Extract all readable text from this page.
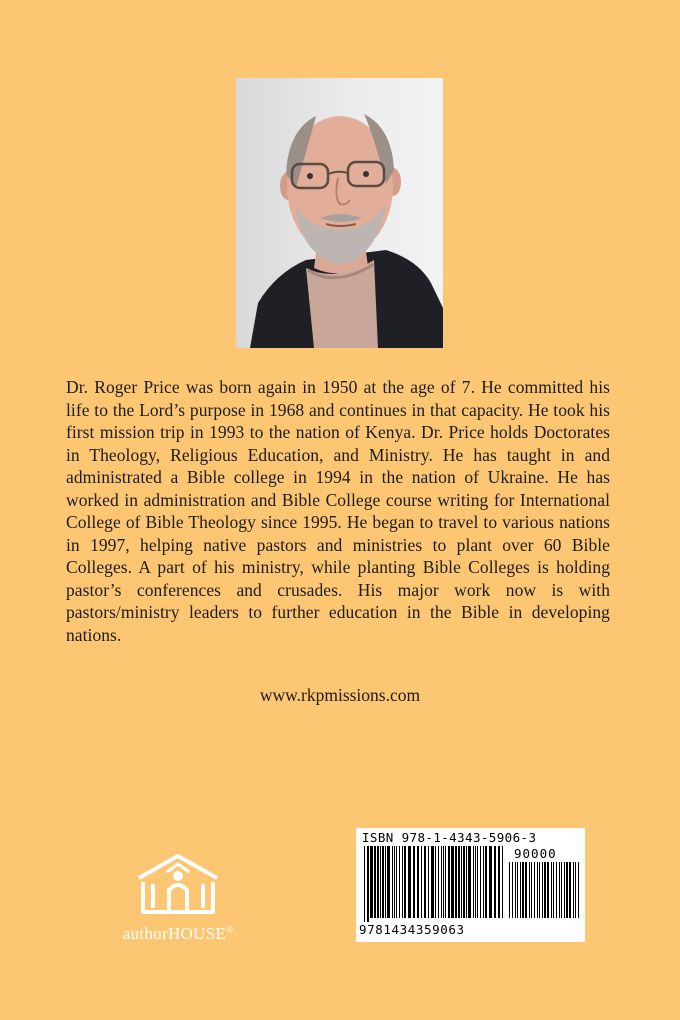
Dr. Roger Price was born again in 1950 at the age of 7. He committed his life to the Lord’s purpose in 1968 and continues in that capacity. He took his first mission trip in 1993 to the nation of Kenya. Dr. Price holds Doctorates in Theology, Religious Education, and Ministry. He has taught in and administrated a Bible college in 1994 in the nation of Ukraine. He has worked in administration and Bible College course writing for International College of Bible Theology since 1995. He began to travel to various nations in 1997, helping native pastors and ministries to plant over 60 Bible Colleges. A part of his ministry, while planting Bible Colleges is holding pastor’s conferences and crusades. His major work now is with pastors/ministry leaders to further education in the Bible in developing nations.

www.rkpmissions.com
authorHOUSE®
ISBN 978-1-4343-5906-3
90000
9781434359063
